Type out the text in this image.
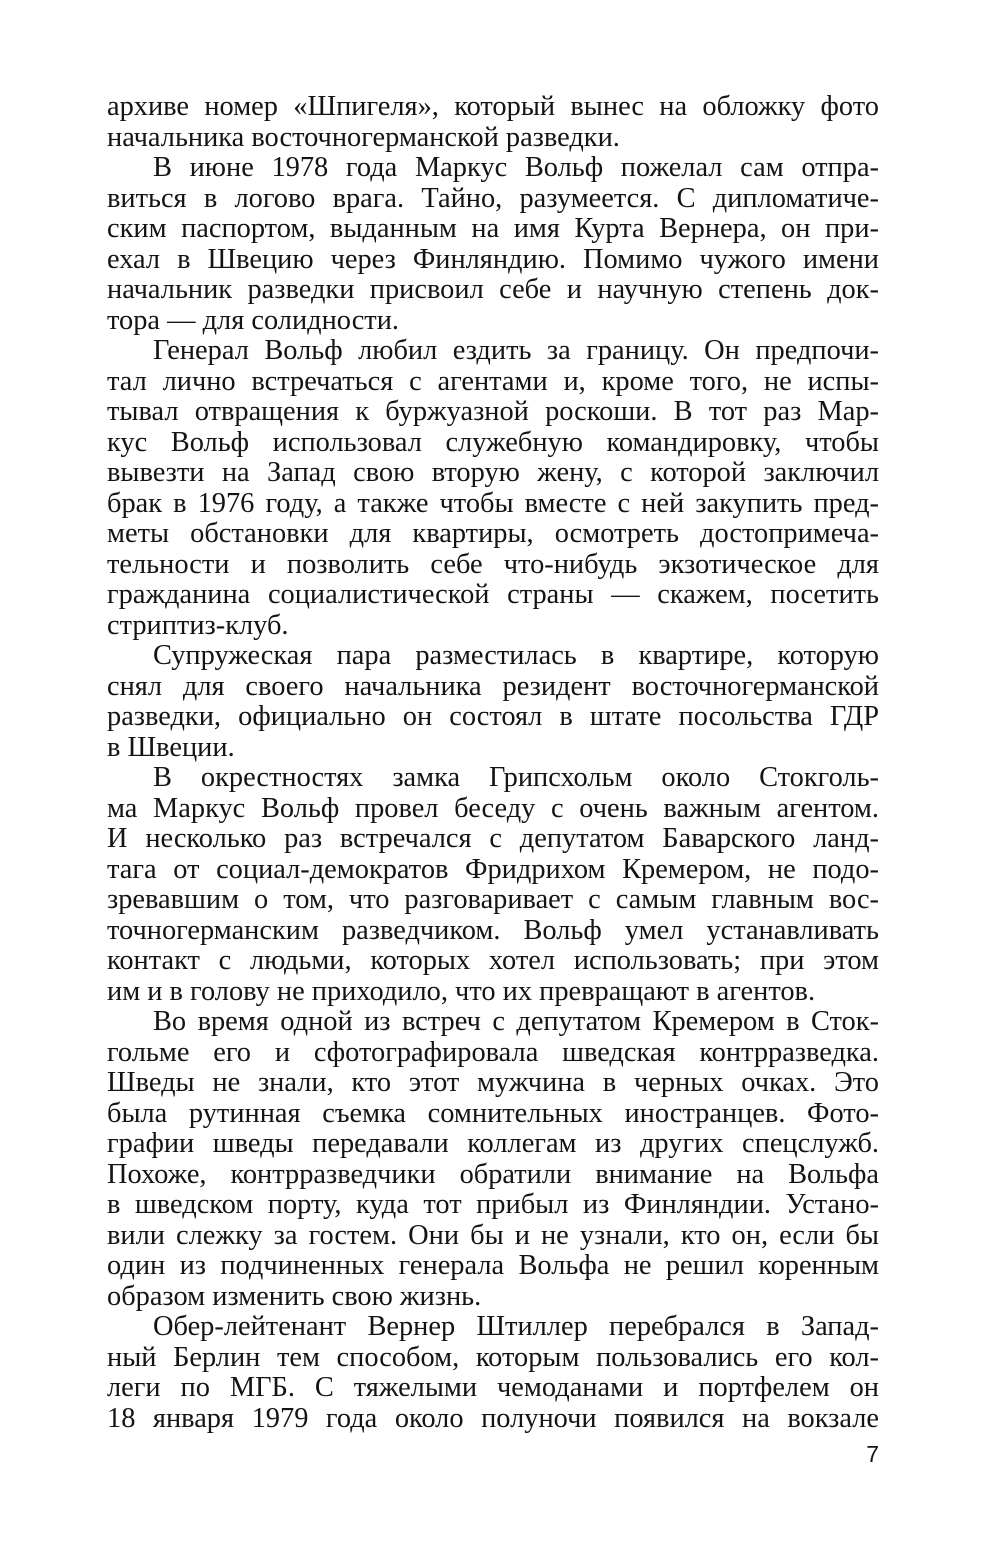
архиве номер «Шпигеля», который вынес на обложку фото
начальника восточногерманской разведки.
В июне 1978 года Маркус Вольф пожелал сам отпра-
виться в логово врага. Тайно, разумеется. С дипломатиче-
ским паспортом, выданным на имя Курта Вернера, он при-
ехал в Швецию через Финляндию. Помимо чужого имени
начальник разведки присвоил себе и научную степень док-
тора — для солидности.
Генерал Вольф любил ездить за границу. Он предпочи-
тал лично встречаться с агентами и, кроме того, не испы-
тывал отвращения к буржуазной роскоши. В тот раз Мар-
кус Вольф использовал служебную командировку, чтобы
вывезти на Запад свою вторую жену, с которой заключил
брак в 1976 году, а также чтобы вместе с ней закупить пред-
меты обстановки для квартиры, осмотреть достопримеча-
тельности и позволить себе что-нибудь экзотическое для
гражданина социалистической страны — скажем, посетить
стриптиз-клуб.
Супружеская пара разместилась в квартире, которую
снял для своего начальника резидент восточногерманской
разведки, официально он состоял в штате посольства ГДР
в Швеции.
В окрестностях замка Грипсхольм около Стокголь-
ма Маркус Вольф провел беседу с очень важным агентом.
И несколько раз встречался с депутатом Баварского ланд-
тага от социал-демократов Фридрихом Кремером, не подо-
зревавшим о том, что разговаривает с самым главным вос-
точногерманским разведчиком. Вольф умел устанавливать
контакт с людьми, которых хотел использовать; при этом
им и в голову не приходило, что их превращают в агентов.
Во время одной из встреч с депутатом Кремером в Сток-
гольме его и сфотографировала шведская контрразведка.
Шведы не знали, кто этот мужчина в черных очках. Это
была рутинная съемка сомнительных иностранцев. Фото-
графии шведы передавали коллегам из других спецслужб.
Похоже, контрразведчики обратили внимание на Вольфа
в шведском порту, куда тот прибыл из Финляндии. Устано-
вили слежку за гостем. Они бы и не узнали, кто он, если бы
один из подчиненных генерала Вольфа не решил коренным
образом изменить свою жизнь.
Обер-лейтенант Вернер Штиллер перебрался в Запад-
ный Берлин тем способом, которым пользовались его кол-
леги по МГБ. С тяжелыми чемоданами и портфелем он
18 января 1979 года около полуночи появился на вокзале
7
